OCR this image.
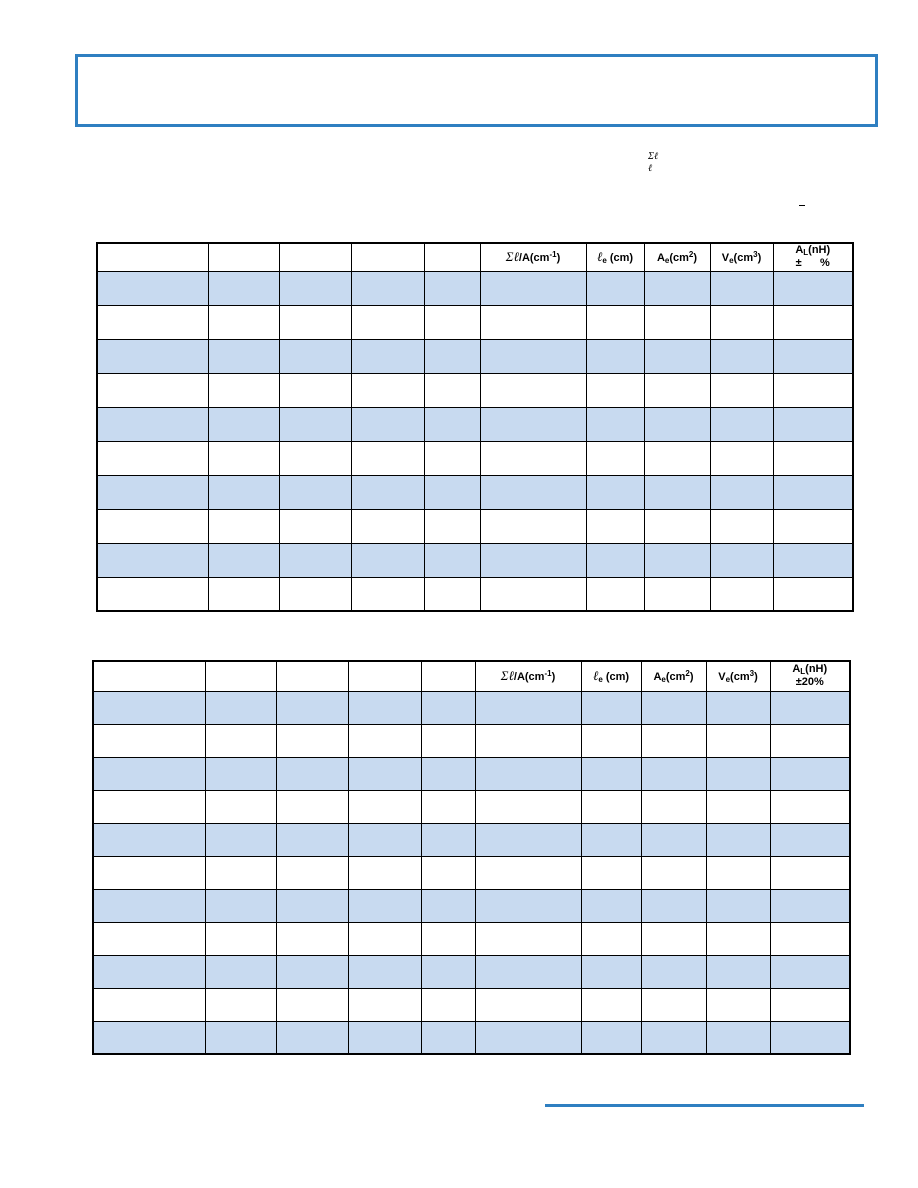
Σℓ
ℓ
					$\Sigma\ell/A(cm^{-1})$	ℓ$_e$ (cm)	$A_e(cm^2)$	$V_e(cm^3)$	$A_L(nH)$
±      %

					$\Sigma\ell/A(cm^{-1})$	ℓ$_e$ (cm)	$A_e(cm^2)$	$V_e(cm^3)$	$A_L(nH)$
±20%
